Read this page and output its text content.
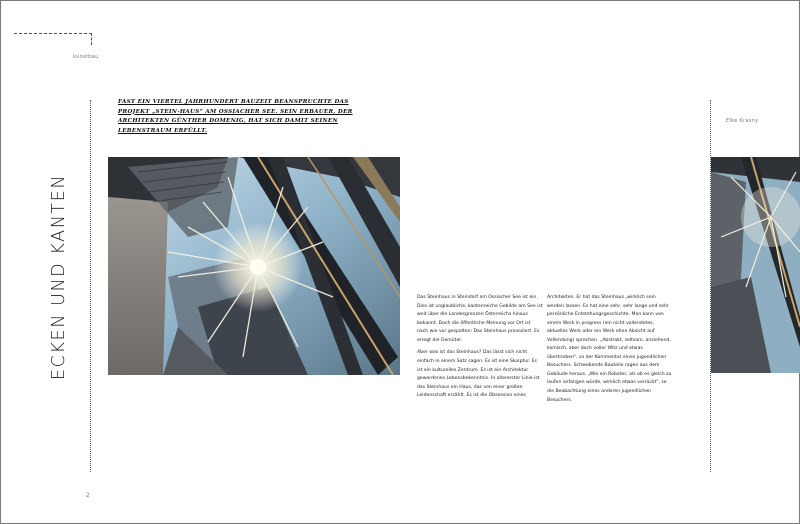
kunstbau
ECKEN UND KANTEN
FAST EIN VIERTEL JAHRHUNDERT BAUZEIT BEANSPRUCHTE DAS PROJEKT „STEIN-HAUS“ AM OSSIACHER SEE. SEIN ERBAUER, DER ARCHITEKTEN GÜNTHER DOMENIG, HAT SICH DAMIT SEINEN LEBENSTRAUM ERFÜLLT.
Elke Krasny

Das Steinhaus in Steindorf am Ossiacher See ist ein. Dies ist unglaubliche, kantenreiche Gebilde am See ist weit über die Landesgrenzen Österreichs hinaus bekannt. Doch die öffentliche Meinung vor Ort ist nach wie vor gespalten: Das Steinhaus provoziert. Es erregt die Gemüter.

Aber was ist das Steinhaus? Das lässt sich nicht einfach in einem Satz sagen. Es ist eine Skulptur. Es ist ein kulturelles Zentrum. Es ist ein Architektur gewordenes Lebensbekenntnis. In allererster Linie ist das Steinhaus ein Haus, das von einer großen Leidenschaft erzählt. Es ist die Obsession eines

Architekten. Er hat das Steinhaus „wirklich sein werden lassen. Es hat eine sehr, sehr lange und sehr persönliche Entstehungsgeschichte. Man kann von einem Work in progress (ein nicht vollendetes, aktuelles Werk oder ein Werk ohne Absicht auf Vollendung) sprechen. „Abstrakt, seltsam, anziehend, komisch, aber doch voller Witz und etwas übertrieben", so der Kommentar eines jugendlichen Besuchers. Schwebende Bauteile ragen aus dem Gebäude heraus. „Wie ein Roboter, als ob es gleich zu laufen anfangen würde, wirklich etwas verrückt", so die Beobachtung eines anderen jugendlichen Besuchers.

2
